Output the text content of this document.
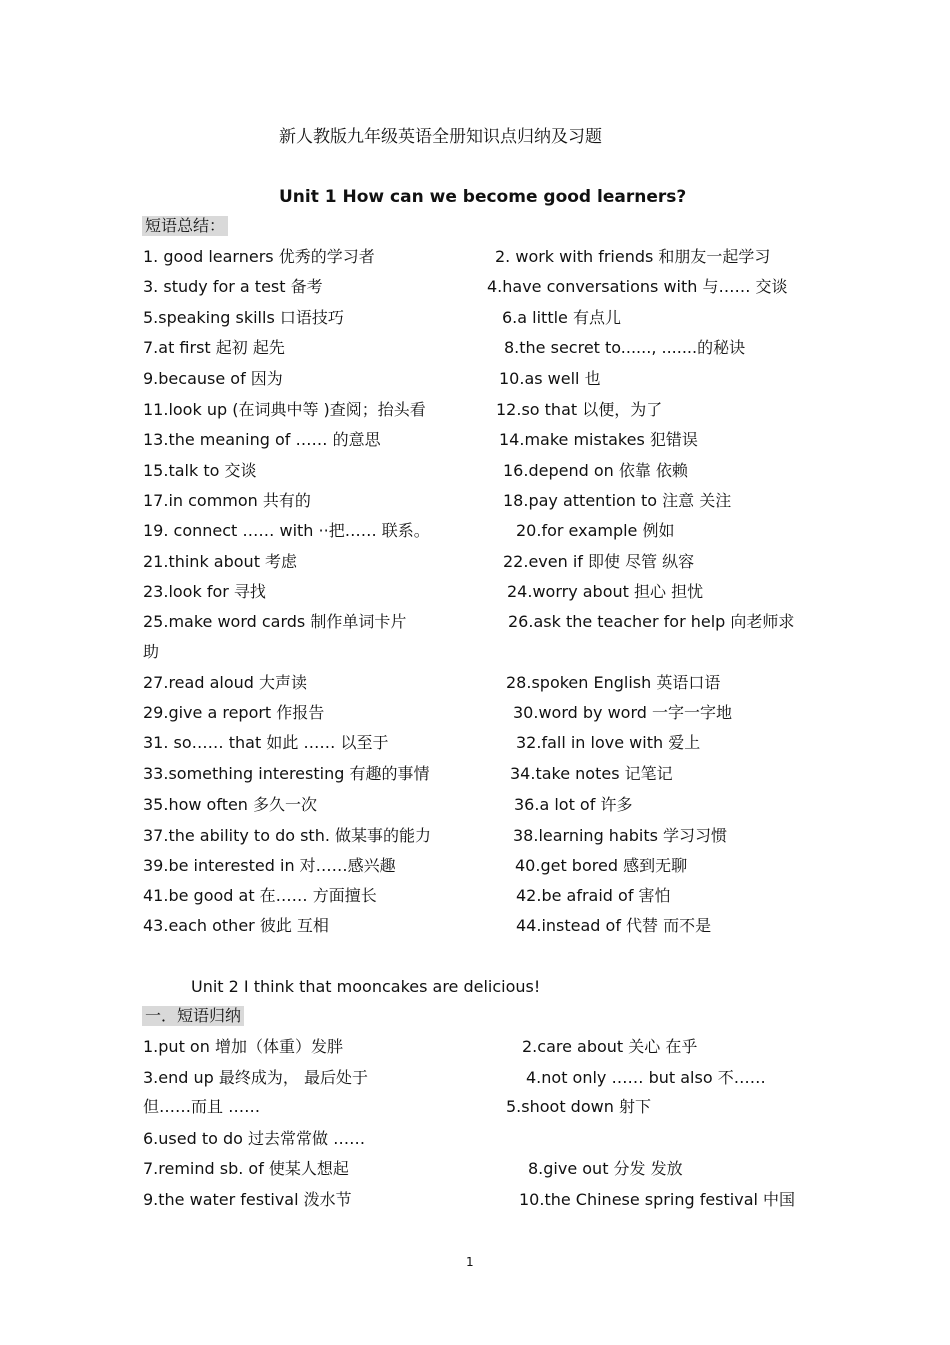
新人教版九年级英语全册知识点归纳及习题
Unit 1 How can we become good learners?
短语总结：
1. good learners 优秀的学习者	2. work with friends 和朋友一起学习
3. study for a test 备考	4.have conversations with 与…… 交谈
5.speaking skills 口语技巧	6.a little 有点儿
7.at first 起初 起先	8.the secret to......, .......的秘诀
9.because of 因为	10.as well 也
11.look up (在词典中等 )查阅；抬头看	12.so that 以便，为了
13.the meaning of …… 的意思	14.make mistakes 犯错误
15.talk to 交谈	16.depend on 依靠 依赖
17.in common 共有的	18.pay attention to 注意 关注
19. connect …… with ··把…… 联系。	20.for example 例如
21.think about 考虑	22.even if 即使 尽管 纵容
23.look for 寻找	24.worry about 担心 担忧
25.make word cards 制作单词卡片	26.ask the teacher for help 向老师求
助
27.read aloud 大声读	28.spoken English 英语口语
29.give a report 作报告	30.word by word 一字一字地
31. so…… that 如此 …… 以至于	32.fall in love with 爱上
33.something interesting 有趣的事情	34.take notes 记笔记
35.how often 多久一次	36.a lot of 许多
37.the ability to do sth. 做某事的能力	38.learning habits 学习习惯
39.be interested in 对……感兴趣	40.get bored 感到无聊
41.be good at 在…… 方面擅长	42.be afraid of 害怕
43.each other 彼此 互相	44.instead of 代替 而不是
Unit 2 I think that mooncakes are delicious!
一．短语归纳
1.put on 增加（体重）发胖	2.care about 关心 在乎
3.end up 最终成为， 最后处于	4.not only …… but also 不……
但……而且 ……	5.shoot down 射下
6.used to do 过去常常做 ……
7.remind sb. of 使某人想起	8.give out 分发 发放
9.the water festival 泼水节	10.the Chinese spring festival 中国
1
